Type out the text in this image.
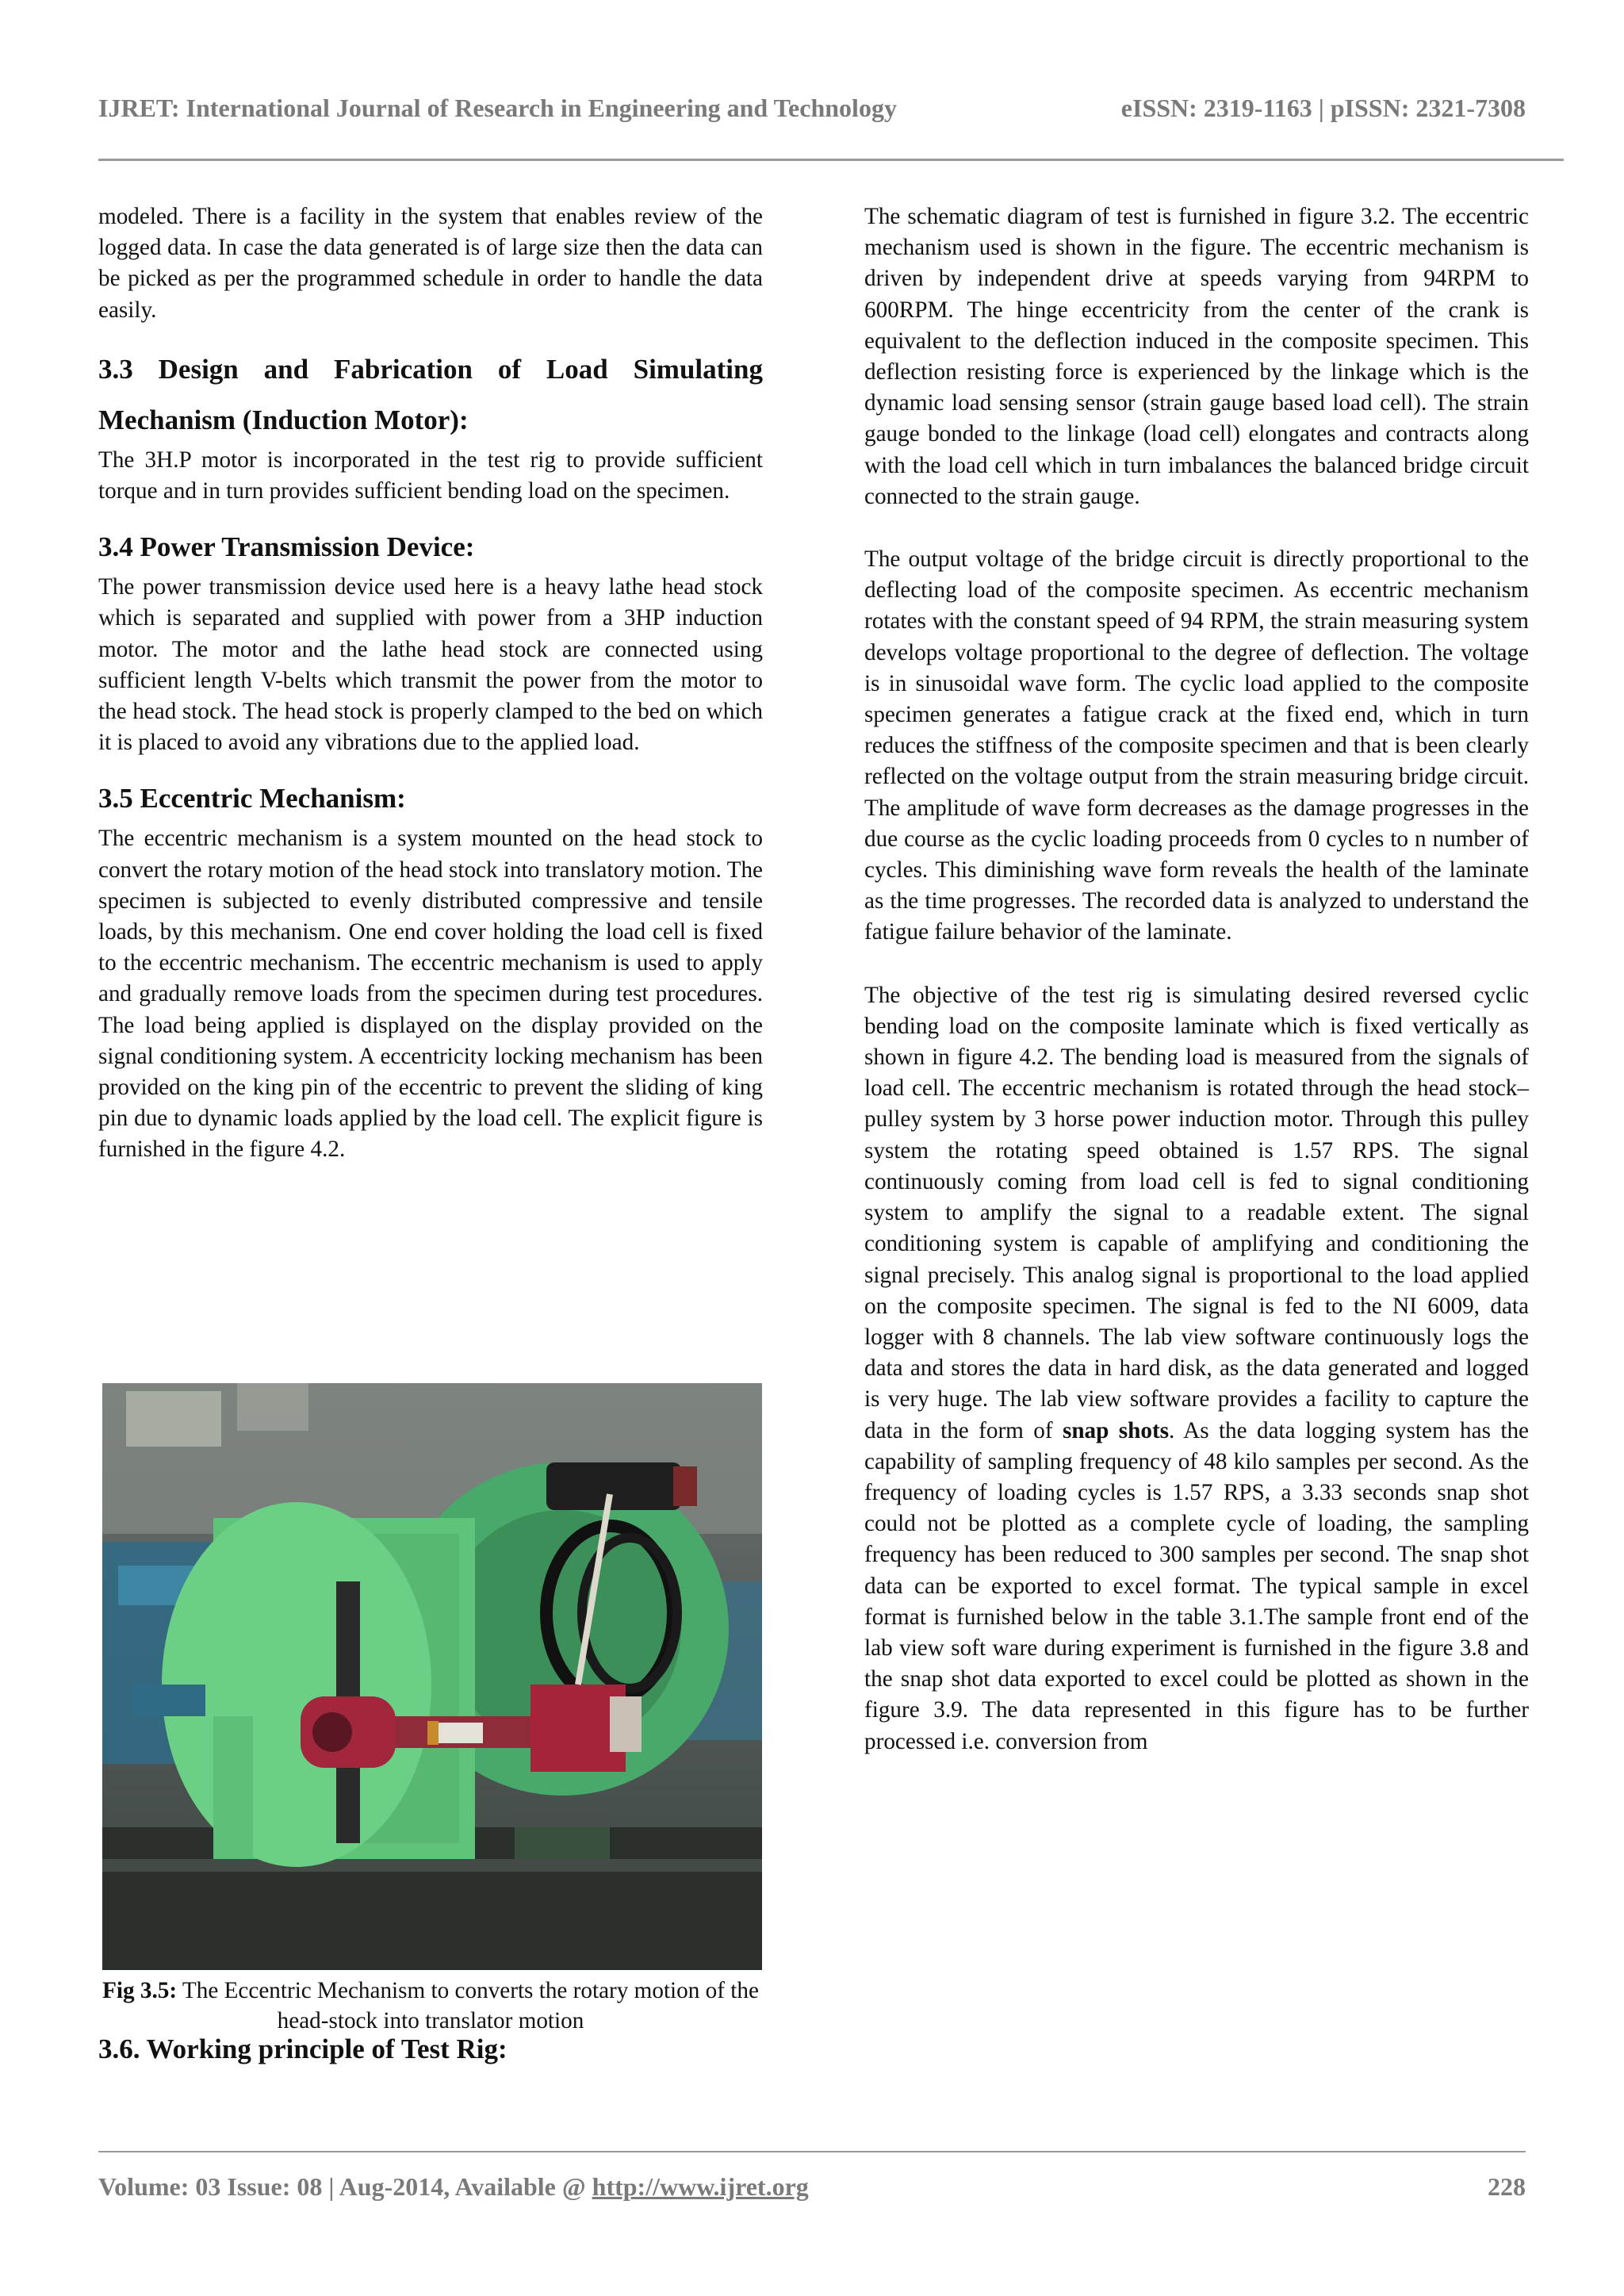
IJRET: International Journal of Research in Engineering and Technology	eISSN: 2319-1163 | pISSN: 2321-7308

modeled. There is a facility in the system that enables review of the logged data. In case the data generated is of large size then the data can be picked as per the programmed schedule in order to handle the data easily.

3.3 Design and Fabrication of Load Simulating
Mechanism (Induction Motor):

The 3H.P motor is incorporated in the test rig to provide sufficient torque and in turn provides sufficient bending load on the specimen.

3.4 Power Transmission Device:

The power transmission device used here is a heavy lathe head stock which is separated and supplied with power from a 3HP induction motor. The motor and the lathe head stock are connected using sufficient length V-belts which transmit the power from the motor to the head stock. The head stock is properly clamped to the bed on which it is placed to avoid any vibrations due to the applied load.

3.5 Eccentric Mechanism:

The eccentric mechanism is a system mounted on the head stock to convert the rotary motion of the head stock into translatory motion. The specimen is subjected to evenly distributed compressive and tensile loads, by this mechanism. One end cover holding the load cell is fixed to the eccentric mechanism. The eccentric mechanism is used to apply and gradually remove loads from the specimen during test procedures. The load being applied is displayed on the display provided on the signal conditioning system. A eccentricity locking mechanism has been provided on the king pin of the eccentric to prevent the sliding of king pin due to dynamic loads applied by the load cell. The explicit figure is furnished in the figure 4.2.

Fig 3.5: The Eccentric Mechanism to converts the rotary motion of the head-stock into translator motion
3.6. Working principle of Test Rig:

The schematic diagram of test is furnished in figure 3.2. The eccentric mechanism used is shown in the figure. The eccentric mechanism is driven by independent drive at speeds varying from 94RPM to 600RPM. The hinge eccentricity from the center of the crank is equivalent to the deflection induced in the composite specimen. This deflection resisting force is experienced by the linkage which is the dynamic load sensing sensor (strain gauge based load cell). The strain gauge bonded to the linkage (load cell) elongates and contracts along with the load cell which in turn imbalances the balanced bridge circuit connected to the strain gauge.

The output voltage of the bridge circuit is directly proportional to the deflecting load of the composite specimen. As eccentric mechanism rotates with the constant speed of 94 RPM, the strain measuring system develops voltage proportional to the degree of deflection. The voltage is in sinusoidal wave form. The cyclic load applied to the composite specimen generates a fatigue crack at the fixed end, which in turn reduces the stiffness of the composite specimen and that is been clearly reflected on the voltage output from the strain measuring bridge circuit. The amplitude of wave form decreases as the damage progresses in the due course as the cyclic loading proceeds from 0 cycles to n number of cycles. This diminishing wave form reveals the health of the laminate as the time progresses. The recorded data is analyzed to understand the fatigue failure behavior of the laminate.

The objective of the test rig is simulating desired reversed cyclic bending load on the composite laminate which is fixed vertically as shown in figure 4.2. The bending load is measured from the signals of load cell. The eccentric mechanism is rotated through the head stock–pulley system by 3 horse power induction motor. Through this pulley system the rotating speed obtained is 1.57 RPS. The signal continuously coming from load cell is fed to signal conditioning system to amplify the signal to a readable extent. The signal conditioning system is capable of amplifying and conditioning the signal precisely. This analog signal is proportional to the load applied on the composite specimen. The signal is fed to the NI 6009, data logger with 8 channels. The lab view software continuously logs the data and stores the data in hard disk, as the data generated and logged is very huge. The lab view software provides a facility to capture the data in the form of snap shots. As the data logging system has the capability of sampling frequency of 48 kilo samples per second. As the frequency of loading cycles is 1.57 RPS, a 3.33 seconds snap shot could not be plotted as a complete cycle of loading, the sampling frequency has been reduced to 300 samples per second. The snap shot data can be exported to excel format. The typical sample in excel format is furnished below in the table 3.1.The sample front end of the lab view soft ware during experiment is furnished in the figure 3.8 and the snap shot data exported to excel could be plotted as shown in the figure 3.9. The data represented in this figure has to be further processed i.e. conversion from

Volume: 03 Issue: 08 | Aug-2014, Available @ http://www.ijret.org	228
